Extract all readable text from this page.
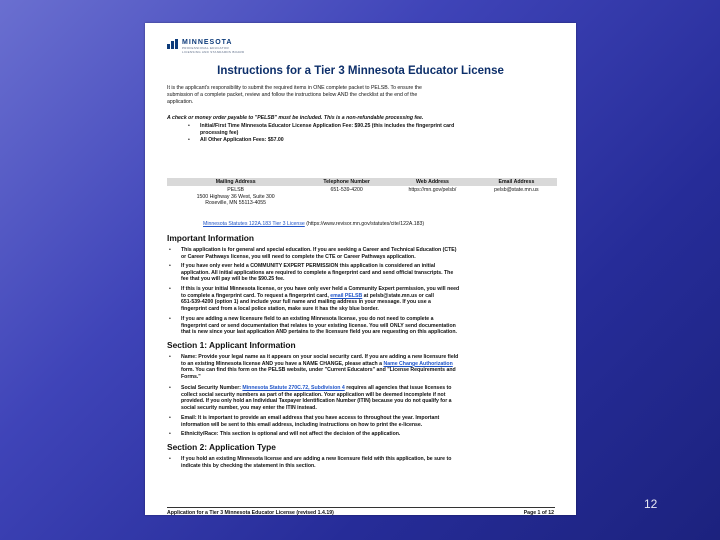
MINNESOTA
PROFESSIONAL EDUCATOR
LICENSING AND STANDARDS BOARD
Instructions for a Tier 3 Minnesota Educator License
It is the applicant's responsibility to submit the required items in ONE complete packet to PELSB. To ensure the
submission of a complete packet, review and follow the instructions below AND the checklist at the end of the
application.
A check or money order payable to "PELSB" must be included. This is a non-refundable processing fee.
• Initial/First Time Minnesota Educator License Application Fee: $90.25 (this includes the fingerprint card
processing fee)
• All Other Application Fees: $57.00
Mailing Address	Telephone Number	Web Address	Email Address

PELSB
1500 Highway 36 West, Suite 300
Roseville, MN 55113-4055	651-539-4200	https://mn.gov/pelsb/	pelsb@state.mn.us
Minnesota Statutes 122A.183 Tier 3 License (https://www.revisor.mn.gov/statutes/cite/122A.183)
Important Information
• This application is for general and special education. If you are seeking a Career and Technical Education (CTE)
or Career Pathways license, you will need to complete the CTE or Career Pathways application.
• If you have only ever held a COMMUNITY EXPERT PERMISSION this application is considered an initial
application. All initial applications are required to complete a fingerprint card and send official transcripts. The
fee that you will pay will be the $90.25 fee.
• If this is your initial Minnesota license, or you have only ever held a Community Expert permission, you will need
to complete a fingerprint card. To request a fingerprint card, email PELSB at pelsb@state.mn.us or call
651-539-4200 (option 1) and include your full name and mailing address in your message. If you use a
fingerprint card from a local police station, make sure it has the sky blue border.
• If you are adding a new licensure field to an existing Minnesota license, you do not need to complete a
fingerprint card or send documentation that relates to your existing license. You will ONLY send documentation
that is new since your last application AND pertains to the licensure field you are requesting on this application.
Section 1: Applicant Information
• Name: Provide your legal name as it appears on your social security card. If you are adding a new licensure field
to an existing Minnesota license AND you have a NAME CHANGE, please attach a Name Change Authorization
form. You can find this form on the PELSB website, under "Current Educators" and "License Requirements and
Forms."
• Social Security Number: Minnesota Statute 270C.72, Subdivision 4 requires all agencies that issue licenses to
collect social security numbers as part of the application. Your application will be deemed incomplete if not
provided. If you only hold an Individual Taxpayer Identification Number (ITIN) because you do not qualify for a
social security number, you may enter the ITIN instead.
• Email: It is important to provide an email address that you have access to throughout the year. Important
information will be sent to this email address, including instructions on how to print the e-license.
• Ethnicity/Race: This section is optional and will not affect the decision of the application.
Section 2: Application Type
• If you hold an existing Minnesota license and are adding a new licensure field with this application, be sure to
indicate this by checking the statement in this section.
Application for a Tier 3 Minnesota Educator License (revised 1.4.19)	Page 1 of 12
12
